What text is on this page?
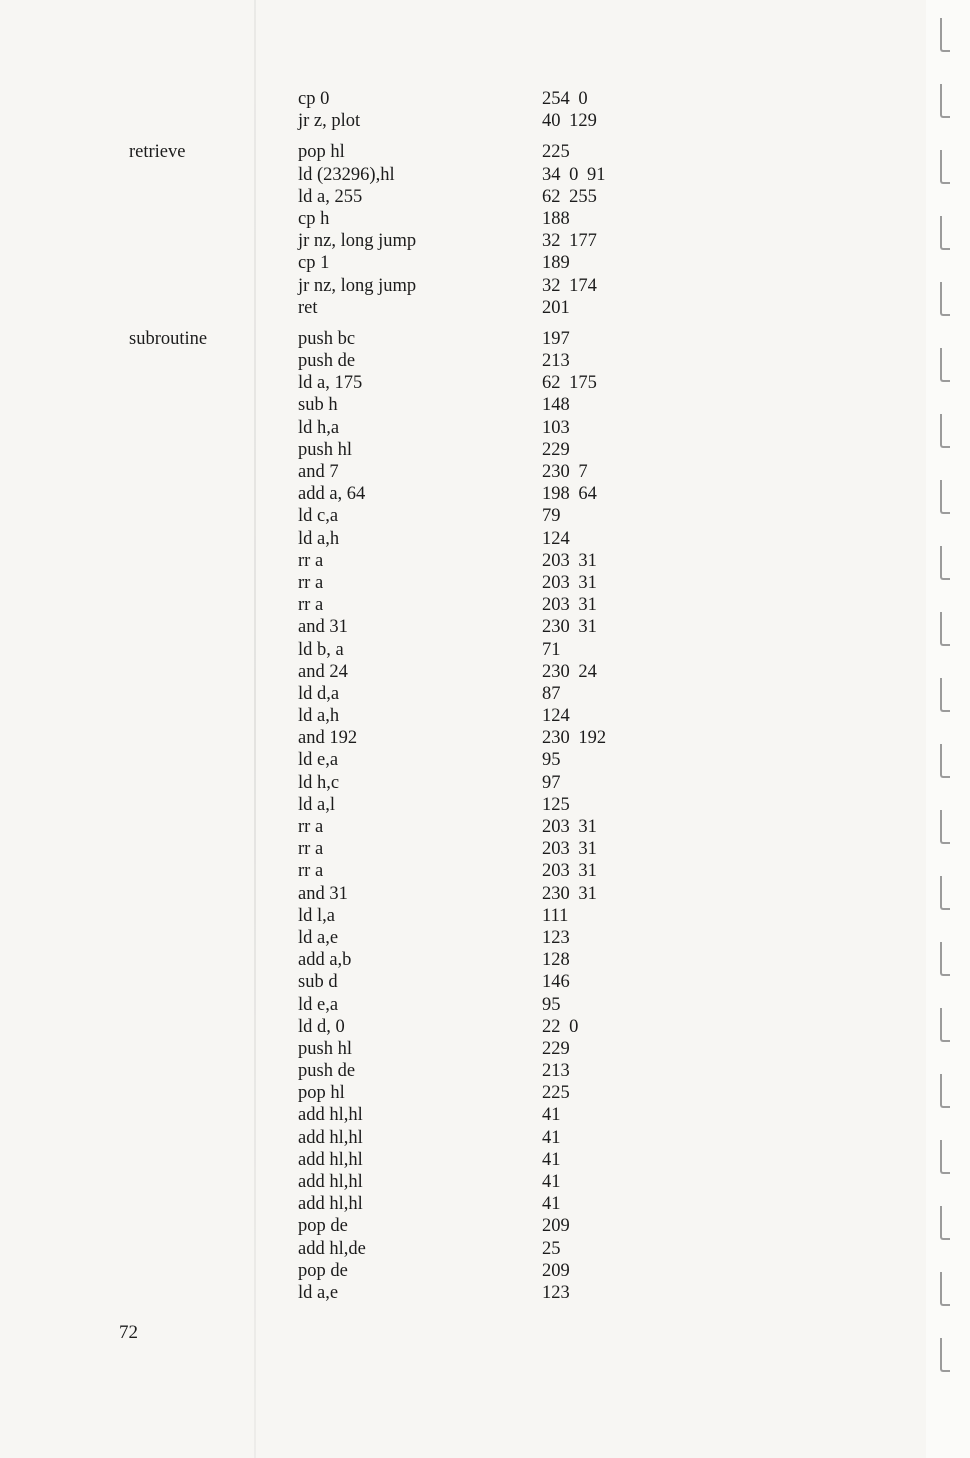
cp 0	254 0
jr z, plot	40 129
retrieve	pop hl	225
ld (23296),hl	34 0 91
ld a, 255	62 255
cp h	188
jr nz, long jump	32 177
cp 1	189
jr nz, long jump	32 174
ret	201
subroutine	push bc	197
push de	213
ld a, 175	62 175
sub h	148
ld h,a	103
push hl	229
and 7	230 7
add a, 64	198 64
ld c,a	79
ld a,h	124
rr a	203 31
rr a	203 31
rr a	203 31
and 31	230 31
ld b, a	71
and 24	230 24
ld d,a	87
ld a,h	124
and 192	230 192
ld e,a	95
ld h,c	97
ld a,l	125
rr a	203 31
rr a	203 31
rr a	203 31
and 31	230 31
ld l,a	111
ld a,e	123
add a,b	128
sub d	146
ld e,a	95
ld d, 0	22 0
push hl	229
push de	213
pop hl	225
add hl,hl	41
add hl,hl	41
add hl,hl	41
add hl,hl	41
add hl,hl	41
pop de	209
add hl,de	25
pop de	209
ld a,e	123
72
